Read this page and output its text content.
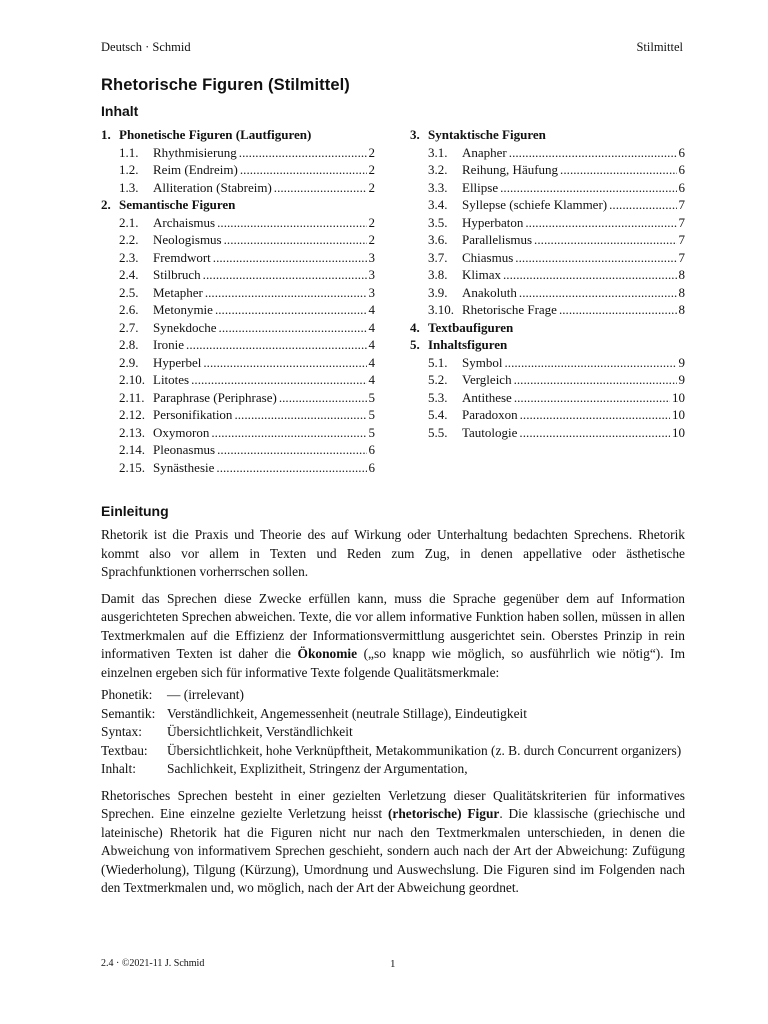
Deutsch · Schmid	Stilmittel
Rhetorische Figuren (Stilmittel)
Inhalt
1. Phonetische Figuren (Lautfiguren)
1.1.	Rhythmisierung . . .	2
1.2.	Reim (Endreim) . . .	2
1.3.	Alliteration (Stabreim) . . .	2
2. Semantische Figuren
2.1.	Archaismus . . .	2
2.2.	Neologismus . . .	2
2.3.	Fremdwort . . .	3
2.4.	Stilbruch . . .	3
2.5.	Metapher . . .	3
2.6.	Metonymie . . .	4
2.7.	Synekdoche . . .	4
2.8.	Ironie . . .	4
2.9.	Hyperbel . . .	4
2.10. Litotes . . .	4
2.11. Paraphrase (Periphrase) . . .	5
2.12. Personifikation . . .	5
2.13. Oxymoron . . .	5
2.14. Pleonasmus . . .	6
2.15. Synästhesie . . .	6
3. Syntaktische Figuren
3.1.	Anapher . . .	6
3.2.	Reihung, Häufung . . .	6
3.3.	Ellipse . . .	6
3.4.	Syllepse (schiefe Klammer) . . .	7
3.5.	Hyperbaton . . .	7
3.6.	Parallelismus . . .	7
3.7.	Chiasmus . . .	7
3.8.	Klimax . . .	8
3.9.	Anakoluth . . .	8
3.10. Rhetorische Frage . . .	8
4. Textbaufiguren
5. Inhaltsfiguren
5.1.	Symbol . . .	9
5.2.	Vergleich . . .	9
5.3.	Antithese . . .	10
5.4.	Paradoxon . . .	10
5.5.	Tautologie . . .	10
Einleitung

Rhetorik ist die Praxis und Theorie des auf Wirkung oder Unterhaltung bedachten Sprechens. Rhetorik kommt also vor allem in Texten und Reden zum Zug, in denen appellative oder ästhetische Sprachfunktionen vorherrschen sollen.

Damit das Sprechen diese Zwecke erfüllen kann, muss die Sprache gegenüber dem auf Information ausgerichteten Sprechen abweichen. Texte, die vor allem informative Funktion haben sollen, müssen in allen Textmerkmalen auf die Effizienz der Informationsvermittlung ausgerichtet sein. Oberstes Prinzip in rein informativen Texten ist daher die Ökonomie („so knapp wie möglich, so ausführlich wie nötig“). Im einzelnen ergeben sich für informative Texte folgende Qualitätsmerkmale:

Phonetik:	— (irrelevant)
Semantik: Verständlichkeit, Angemessenheit (neutrale Stillage), Eindeutigkeit
Syntax:	Übersichtlichkeit, Verständlichkeit
Textbau:	Übersichtlichkeit, hohe Verknüpftheit, Metakommunikation (z. B. durch Concurrent organizers)
Inhalt:	Sachlichkeit, Explizitheit, Stringenz der Argumentation,

Rhetorisches Sprechen besteht in einer gezielten Verletzung dieser Qualitätskriterien für informatives Sprechen. Eine einzelne gezielte Verletzung heisst (rhetorische) Figur. Die klassische (griechische und lateinische) Rhetorik hat die Figuren nicht nur nach den Textmerkmalen unterschieden, in denen die Abweichung von informativem Sprechen geschieht, sondern auch nach der Art der Abweichung: Zufügung (Wiederholung), Tilgung (Kürzung), Umordnung und Auswechslung. Die Figuren sind im Folgenden nach den Textmerkmalen und, wo möglich, nach der Art der Abweichung geordnet.

2.4 · ©2021-11 J. Schmid	1
